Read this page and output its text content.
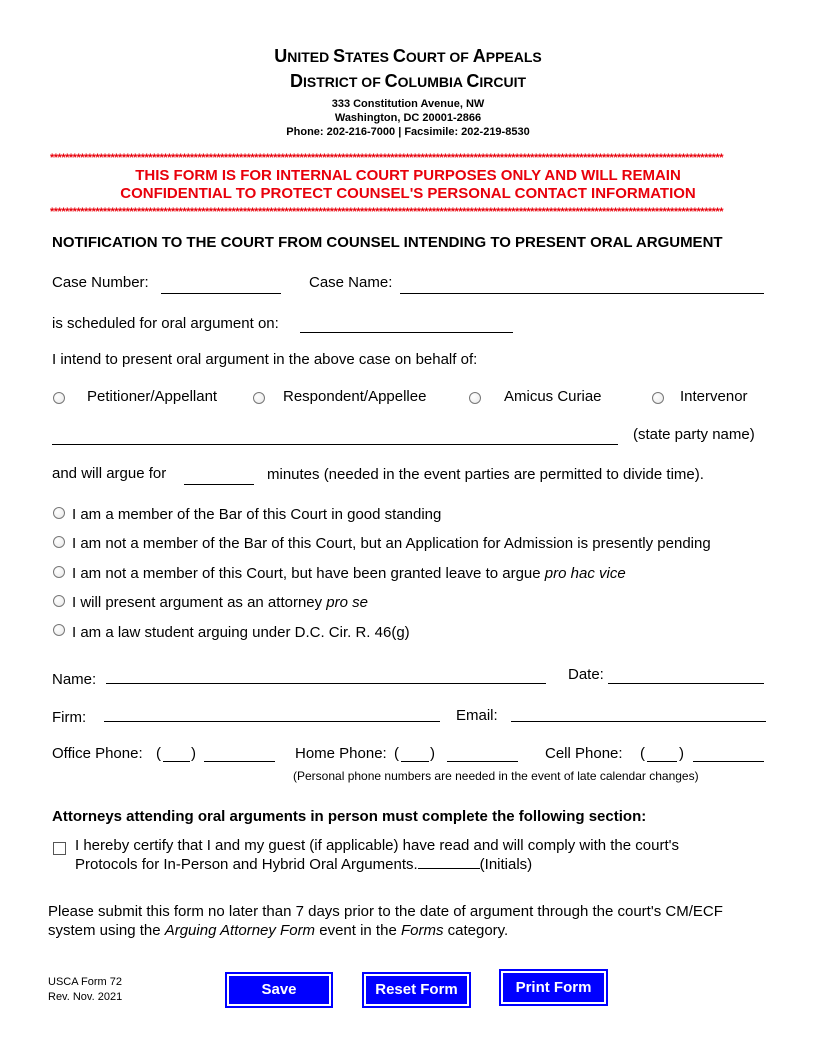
UNITED STATES COURT OF APPEALS
DISTRICT OF COLUMBIA CIRCUIT
333 Constitution Avenue, NW
Washington, DC 20001-2866
Phone: 202-216-7000 | Facsimile: 202-219-8530
**********************************************************************************************************************************************************************************
THIS FORM IS FOR INTERNAL COURT PURPOSES ONLY AND WILL REMAIN
CONFIDENTIAL TO PROTECT COUNSEL'S PERSONAL CONTACT INFORMATION
**********************************************************************************************************************************************************************************
NOTIFICATION TO THE COURT FROM COUNSEL INTENDING TO PRESENT ORAL ARGUMENT
Case Number:	Case Name:
is scheduled for oral argument on:
I intend to present oral argument in the above case on behalf of:
Petitioner/Appellant	Respondent/Appellee	Amicus Curiae	Intervenor
(state party name)
and will argue for	minutes (needed in the event parties are permitted to divide time).
I am a member of the Bar of this Court in good standing
I am not a member of the Bar of this Court, but an Application for Admission is presently pending
I am not a member of this Court, but have been granted leave to argue pro hac vice
I will present argument as an attorney pro se
I am a law student arguing under D.C. Cir. R. 46(g)
Name:	Date:
Firm:	Email:
Office Phone: ( )	Home Phone: ( )	Cell Phone: ( )
(Personal phone numbers are needed in the event of late calendar changes)
Attorneys attending oral arguments in person must complete the following section:
I hereby certify that I and my guest (if applicable) have read and will comply with the court's
Protocols for In-Person and Hybrid Oral Arguments.	(Initials)
Please submit this form no later than 7 days prior to the date of argument through the court's CM/ECF
system using the Arguing Attorney Form event in the Forms category.
USCA Form 72
Rev. Nov. 2021	Save	Reset Form	Print Form
